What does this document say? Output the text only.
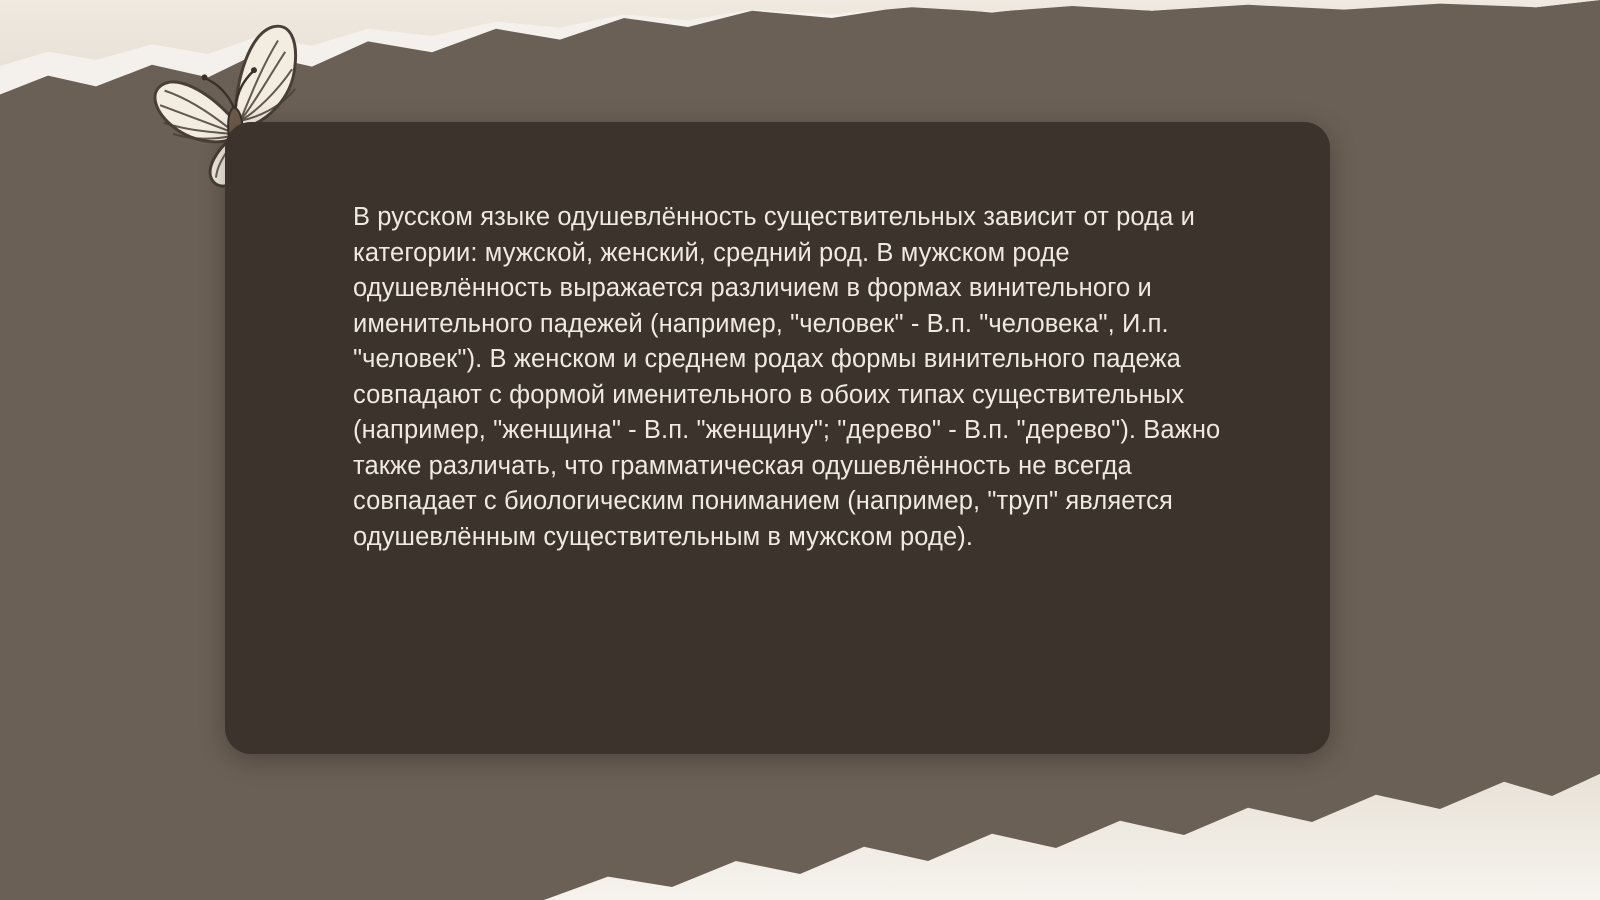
В русском языке одушевлённость существительных зависит от рода и категории: мужской, женский, средний род. В мужском роде одушевлённость выражается различием в формах винительного и именительного падежей (например, "человек" - В.п. "человека", И.п. "человек"). В женском и среднем родах формы винительного падежа совпадают с формой именительного в обоих типах существительных (например, "женщина" - В.п. "женщину"; "дерево" - В.п. "дерево"). Важно также различать, что грамматическая одушевлённость не всегда совпадает с биологическим пониманием (например, "труп" является одушевлённым существительным в мужском роде).
